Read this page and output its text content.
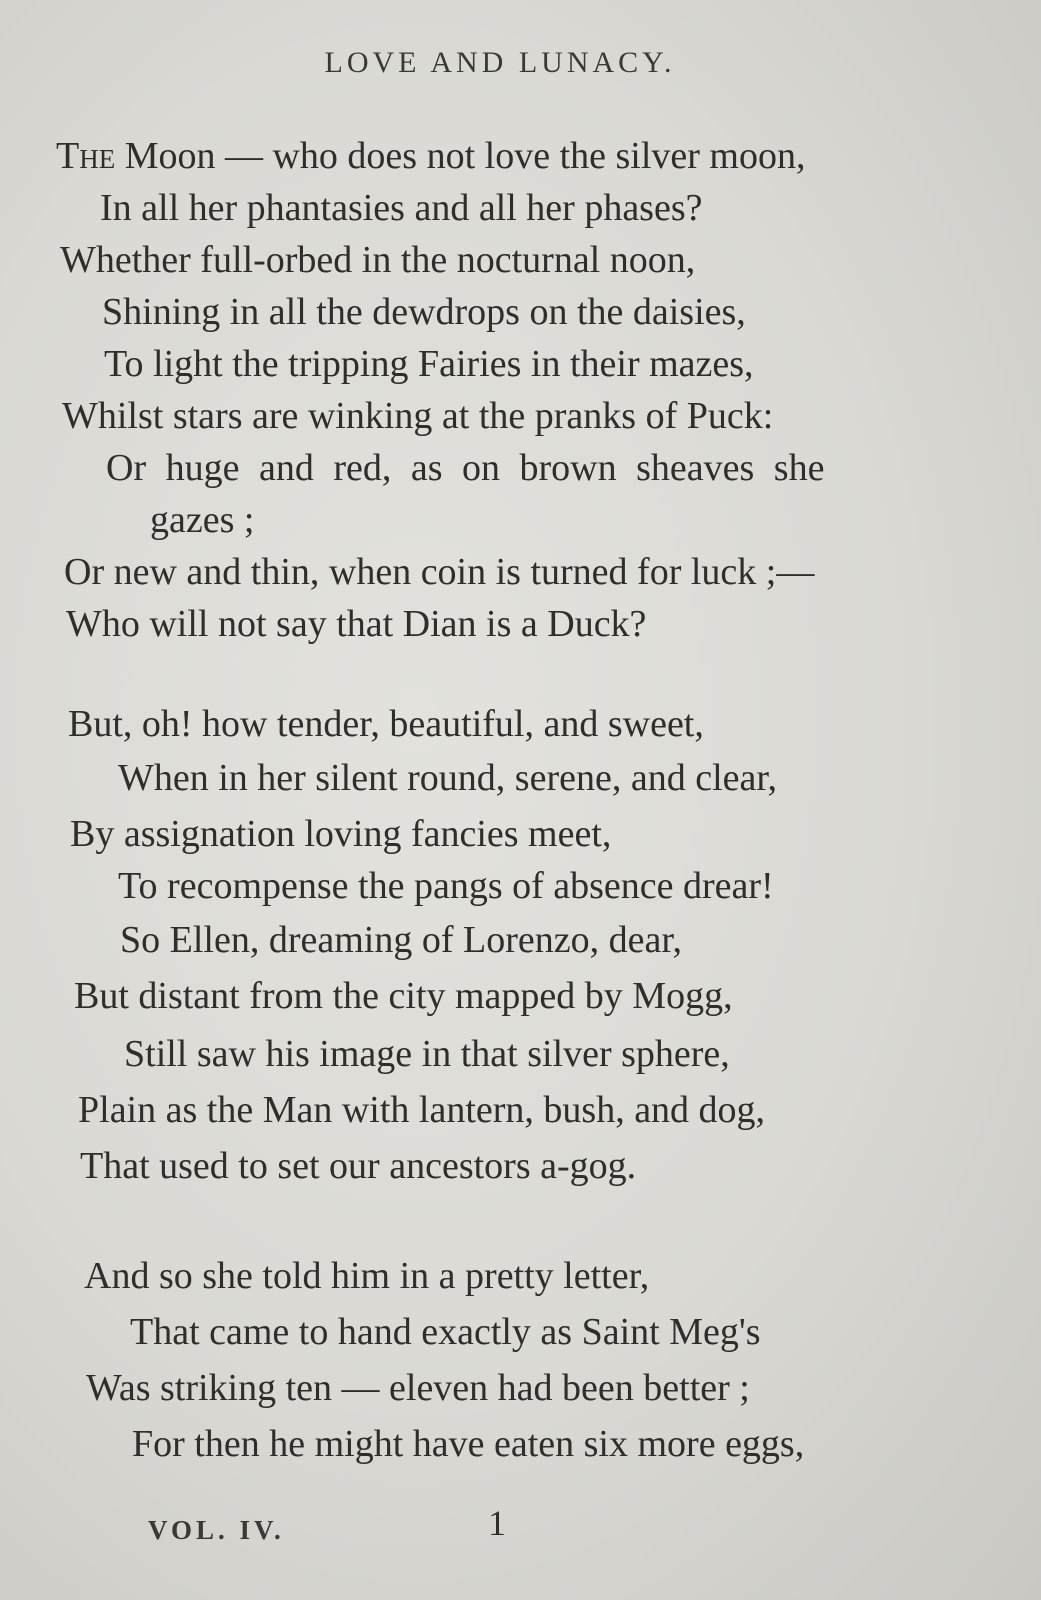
LOVE AND LUNACY.
The Moon — who does not love the silver moon,
In all her phantasies and all her phases?
Whether full-orbed in the nocturnal noon,
Shining in all the dewdrops on the daisies,
To light the tripping Fairies in their mazes,
Whilst stars are winking at the pranks of Puck:
Or huge and red, as on brown sheaves she
gazes ;
Or new and thin, when coin is turned for luck ;—
Who will not say that Dian is a Duck?
But, oh! how tender, beautiful, and sweet,
When in her silent round, serene, and clear,
By assignation loving fancies meet,
To recompense the pangs of absence drear!
So Ellen, dreaming of Lorenzo, dear,
But distant from the city mapped by Mogg,
Still saw his image in that silver sphere,
Plain as the Man with lantern, bush, and dog,
That used to set our ancestors a-gog.
And so she told him in a pretty letter,
That came to hand exactly as Saint Meg's
Was striking ten — eleven had been better ;
For then he might have eaten six more eggs,
VOL. IV.	1
